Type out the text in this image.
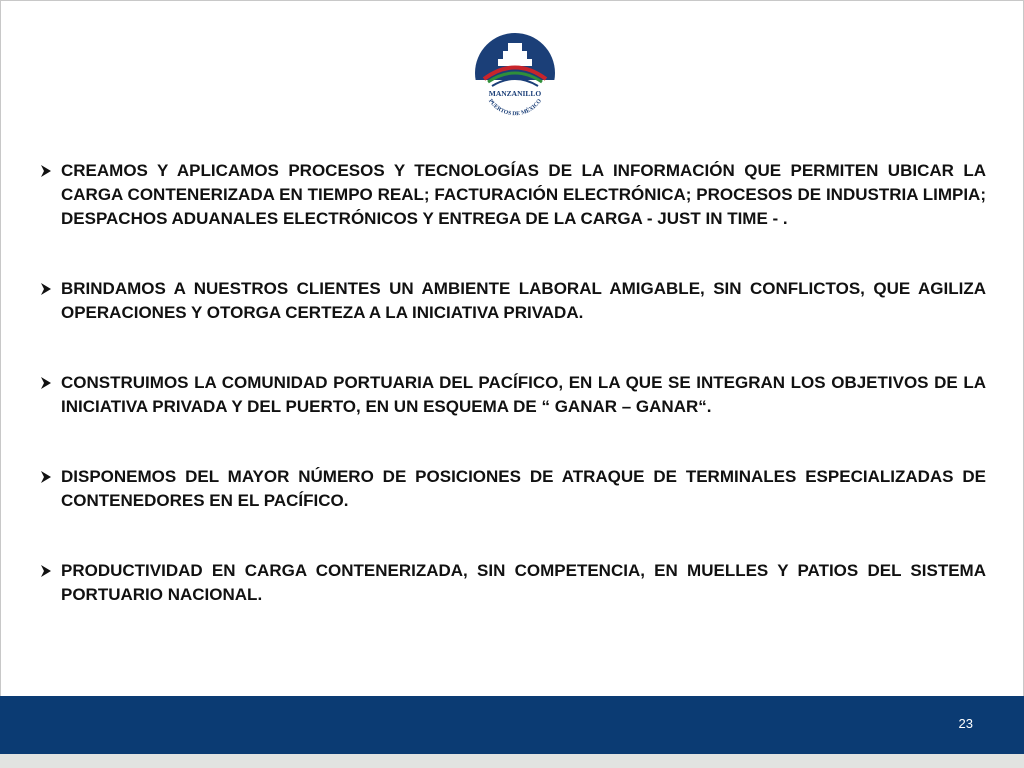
MANZANILLO
PUERTOS DE MÉXICO
CREAMOS Y APLICAMOS PROCESOS Y TECNOLOGÍAS DE LA INFORMACIÓN QUE PERMITEN UBICAR LA CARGA CONTENERIZADA EN TIEMPO REAL; FACTURACIÓN ELECTRÓNICA; PROCESOS DE INDUSTRIA LIMPIA; DESPACHOS ADUANALES ELECTRÓNICOS Y ENTREGA DE LA CARGA - JUST IN TIME - .
BRINDAMOS A NUESTROS CLIENTES UN AMBIENTE LABORAL AMIGABLE, SIN CONFLICTOS, QUE AGILIZA OPERACIONES Y OTORGA CERTEZA A LA INICIATIVA PRIVADA.
CONSTRUIMOS LA COMUNIDAD PORTUARIA DEL PACÍFICO, EN LA QUE SE INTEGRAN LOS OBJETIVOS DE LA INICIATIVA PRIVADA Y DEL PUERTO, EN UN ESQUEMA DE “ GANAR – GANAR“.
DISPONEMOS DEL MAYOR NÚMERO DE POSICIONES DE ATRAQUE DE TERMINALES ESPECIALIZADAS DE CONTENEDORES EN EL PACÍFICO.
PRODUCTIVIDAD EN CARGA CONTENERIZADA, SIN COMPETENCIA, EN MUELLES Y PATIOS DEL SISTEMA PORTUARIO NACIONAL.
23
